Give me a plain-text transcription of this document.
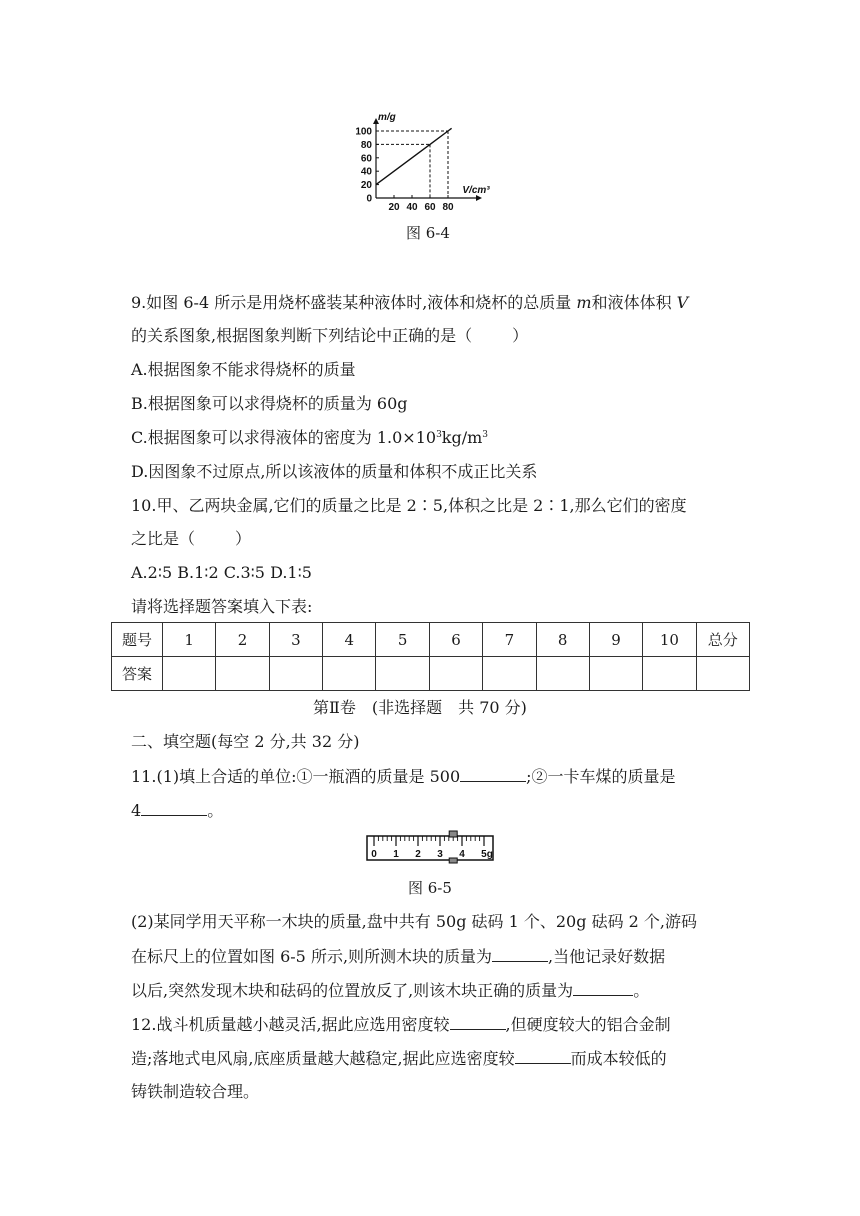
m/g
V/cm³
100
80
60
40
20
0
20 40 60 80
图 6-4
9.如图 6-4 所示是用烧杯盛装某种液体时,液体和烧杯的总质量 m和液体体积 V
的关系图象,根据图象判断下列结论中正确的是（	）
A.根据图象不能求得烧杯的质量
B.根据图象可以求得烧杯的质量为 60g
C.根据图象可以求得液体的密度为 $1.0\times 10^3kg/m^3$
D.因图象不过原点,所以该液体的质量和体积不成正比关系
10.甲、乙两块金属,它们的质量之比是 2∶5,体积之比是 2∶1,那么它们的密度
之比是（	）
A.2∶5 B.1∶2 C.3∶5 D.1∶5
请将选择题答案填入下表:
题号	1	2	3	4	5	6	7	8	9	10	总分
答案											
第Ⅱ卷　(非选择题　共 70 分)
二、填空题(每空 2 分,共 32 分)
11.(1)填上合适的单位:①一瓶酒的质量是 500	;②一卡车煤的质量是
4	。
0 1 2 3 4 5g
图 6-5
(2)某同学用天平称一木块的质量,盘中共有 50g 砝码 1 个、20g 砝码 2 个,游码
在标尺上的位置如图 6-5 所示,则所测木块的质量为	,当他记录好数据
以后,突然发现木块和砝码的位置放反了,则该木块正确的质量为	。
12.战斗机质量越小越灵活,据此应选用密度较	,但硬度较大的铝合金制
造;落地式电风扇,底座质量越大越稳定,据此应选密度较	而成本较低的
铸铁制造较合理。
